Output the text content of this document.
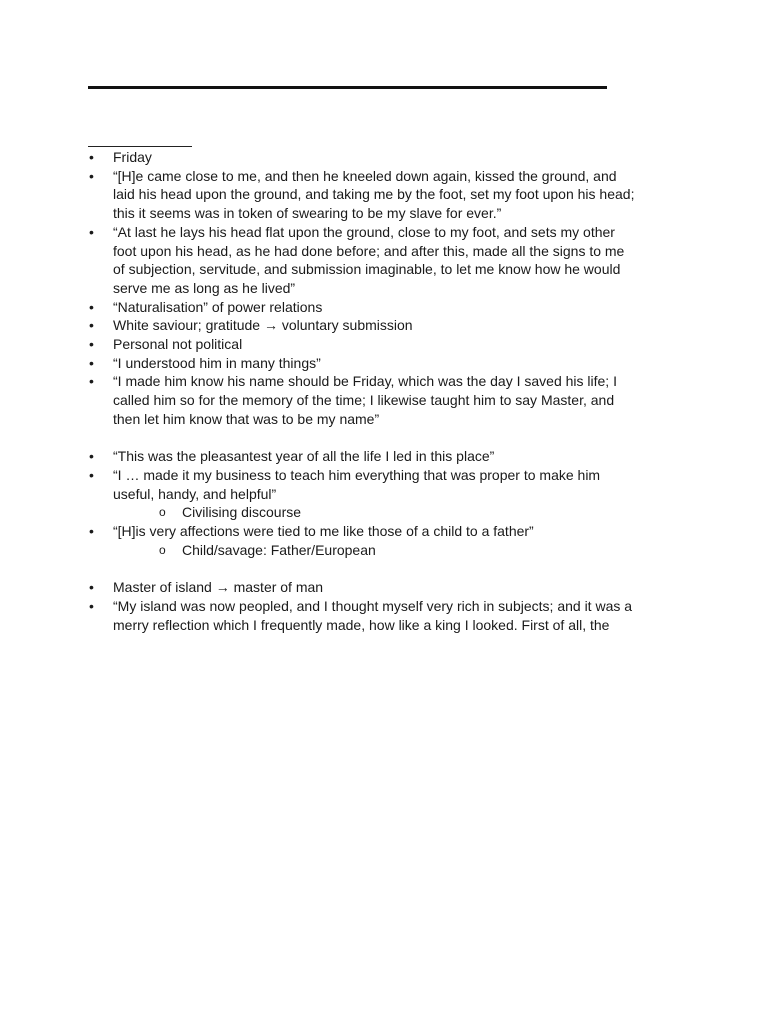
• Friday
• “[H]e came close to me, and then he kneeled down again, kissed the ground, and
laid his head upon the ground, and taking me by the foot, set my foot upon his head;
this it seems was in token of swearing to be my slave for ever.”
• “At last he lays his head flat upon the ground, close to my foot, and sets my other
foot upon his head, as he had done before; and after this, made all the signs to me
of subjection, servitude, and submission imaginable, to let me know how he would
serve me as long as he lived”
• “Naturalisation” of power relations
• White saviour; gratitude → voluntary submission
• Personal not political
• “I understood him in many things”
• “I made him know his name should be Friday, which was the day I saved his life; I
called him so for the memory of the time; I likewise taught him to say Master, and
then let him know that was to be my name”
• “This was the pleasantest year of all the life I led in this place”
• “I … made it my business to teach him everything that was proper to make him
useful, handy, and helpful”
o Civilising discourse
• “[H]is very affections were tied to me like those of a child to a father”
o Child/savage: Father/European
• Master of island → master of man
• “My island was now peopled, and I thought myself very rich in subjects; and it was a
merry reflection which I frequently made, how like a king I looked. First of all, the
